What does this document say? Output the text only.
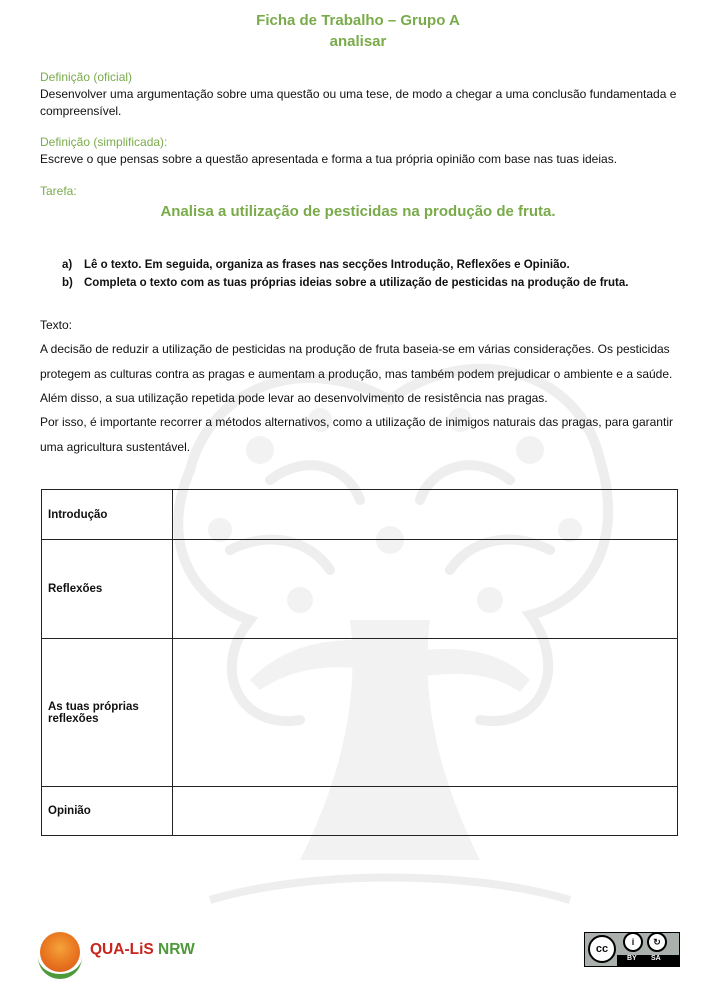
Ficha de Trabalho – Grupo A
analisar
Definição (oficial)
Desenvolver uma argumentação sobre uma questão ou uma tese, de modo a chegar a uma conclusão fundamentada e compreensível.
Definição (simplificada):
Escreve o que pensas sobre a questão apresentada e forma a tua própria opinião com base nas tuas ideias.
Tarefa:
Analisa a utilização de pesticidas na produção de fruta.
a) Lê o texto. Em seguida, organiza as frases nas secções Introdução, Reflexões e Opinião.
b) Completa o texto com as tuas próprias ideias sobre a utilização de pesticidas na produção de fruta.
Texto:
A decisão de reduzir a utilização de pesticidas na produção de fruta baseia-se em várias considerações. Os pesticidas protegem as culturas contra as pragas e aumentam a produção, mas também podem prejudicar o ambiente e a saúde. Além disso, a sua utilização repetida pode levar ao desenvolvimento de resistência nas pragas.
Por isso, é importante recorrer a métodos alternativos, como a utilização de inimigos naturais das pragas, para garantir uma agricultura sustentável.
Introdução	
Reflexões	
As tuas próprias reflexões	
Opinião	
QUA-LiS NRW	cc
i	↻
BY SA
